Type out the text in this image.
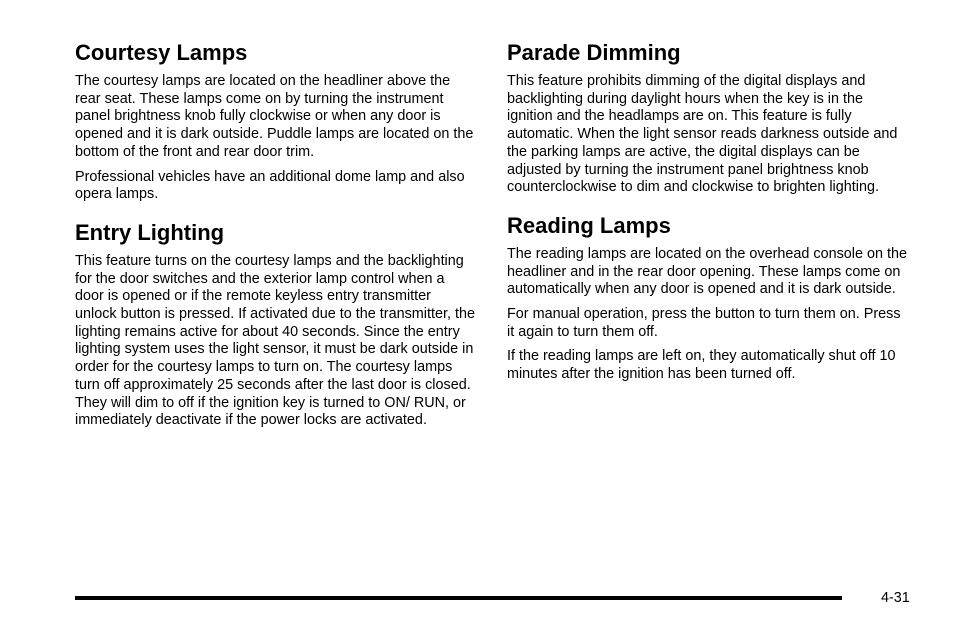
Courtesy Lamps

The courtesy lamps are located on the headliner above the rear seat. These lamps come on by turning the instrument panel brightness knob fully clockwise or when any door is opened and it is dark outside. Puddle lamps are located on the bottom of the front and rear door trim.

Professional vehicles have an additional dome lamp and also opera lamps.

Entry Lighting

This feature turns on the courtesy lamps and the backlighting for the door switches and the exterior lamp control when a door is opened or if the remote keyless entry transmitter unlock button is pressed. If activated due to the transmitter, the lighting remains active for about 40 seconds. Since the entry lighting system uses the light sensor, it must be dark outside in order for the courtesy lamps to turn on. The courtesy lamps turn off approximately 25 seconds after the last door is closed. They will dim to off if the ignition key is turned to ON/ RUN, or immediately deactivate if the power locks are activated.

Parade Dimming

This feature prohibits dimming of the digital displays and backlighting during daylight hours when the key is in the ignition and the headlamps are on. This feature is fully automatic. When the light sensor reads darkness outside and the parking lamps are active, the digital displays can be adjusted by turning the instrument panel brightness knob counterclockwise to dim and clockwise to brighten lighting.

Reading Lamps

The reading lamps are located on the overhead console on the headliner and in the rear door opening. These lamps come on automatically when any door is opened and it is dark outside.

For manual operation, press the button to turn them on. Press it again to turn them off.

If the reading lamps are left on, they automatically shut off 10 minutes after the ignition has been turned off.

4-31
